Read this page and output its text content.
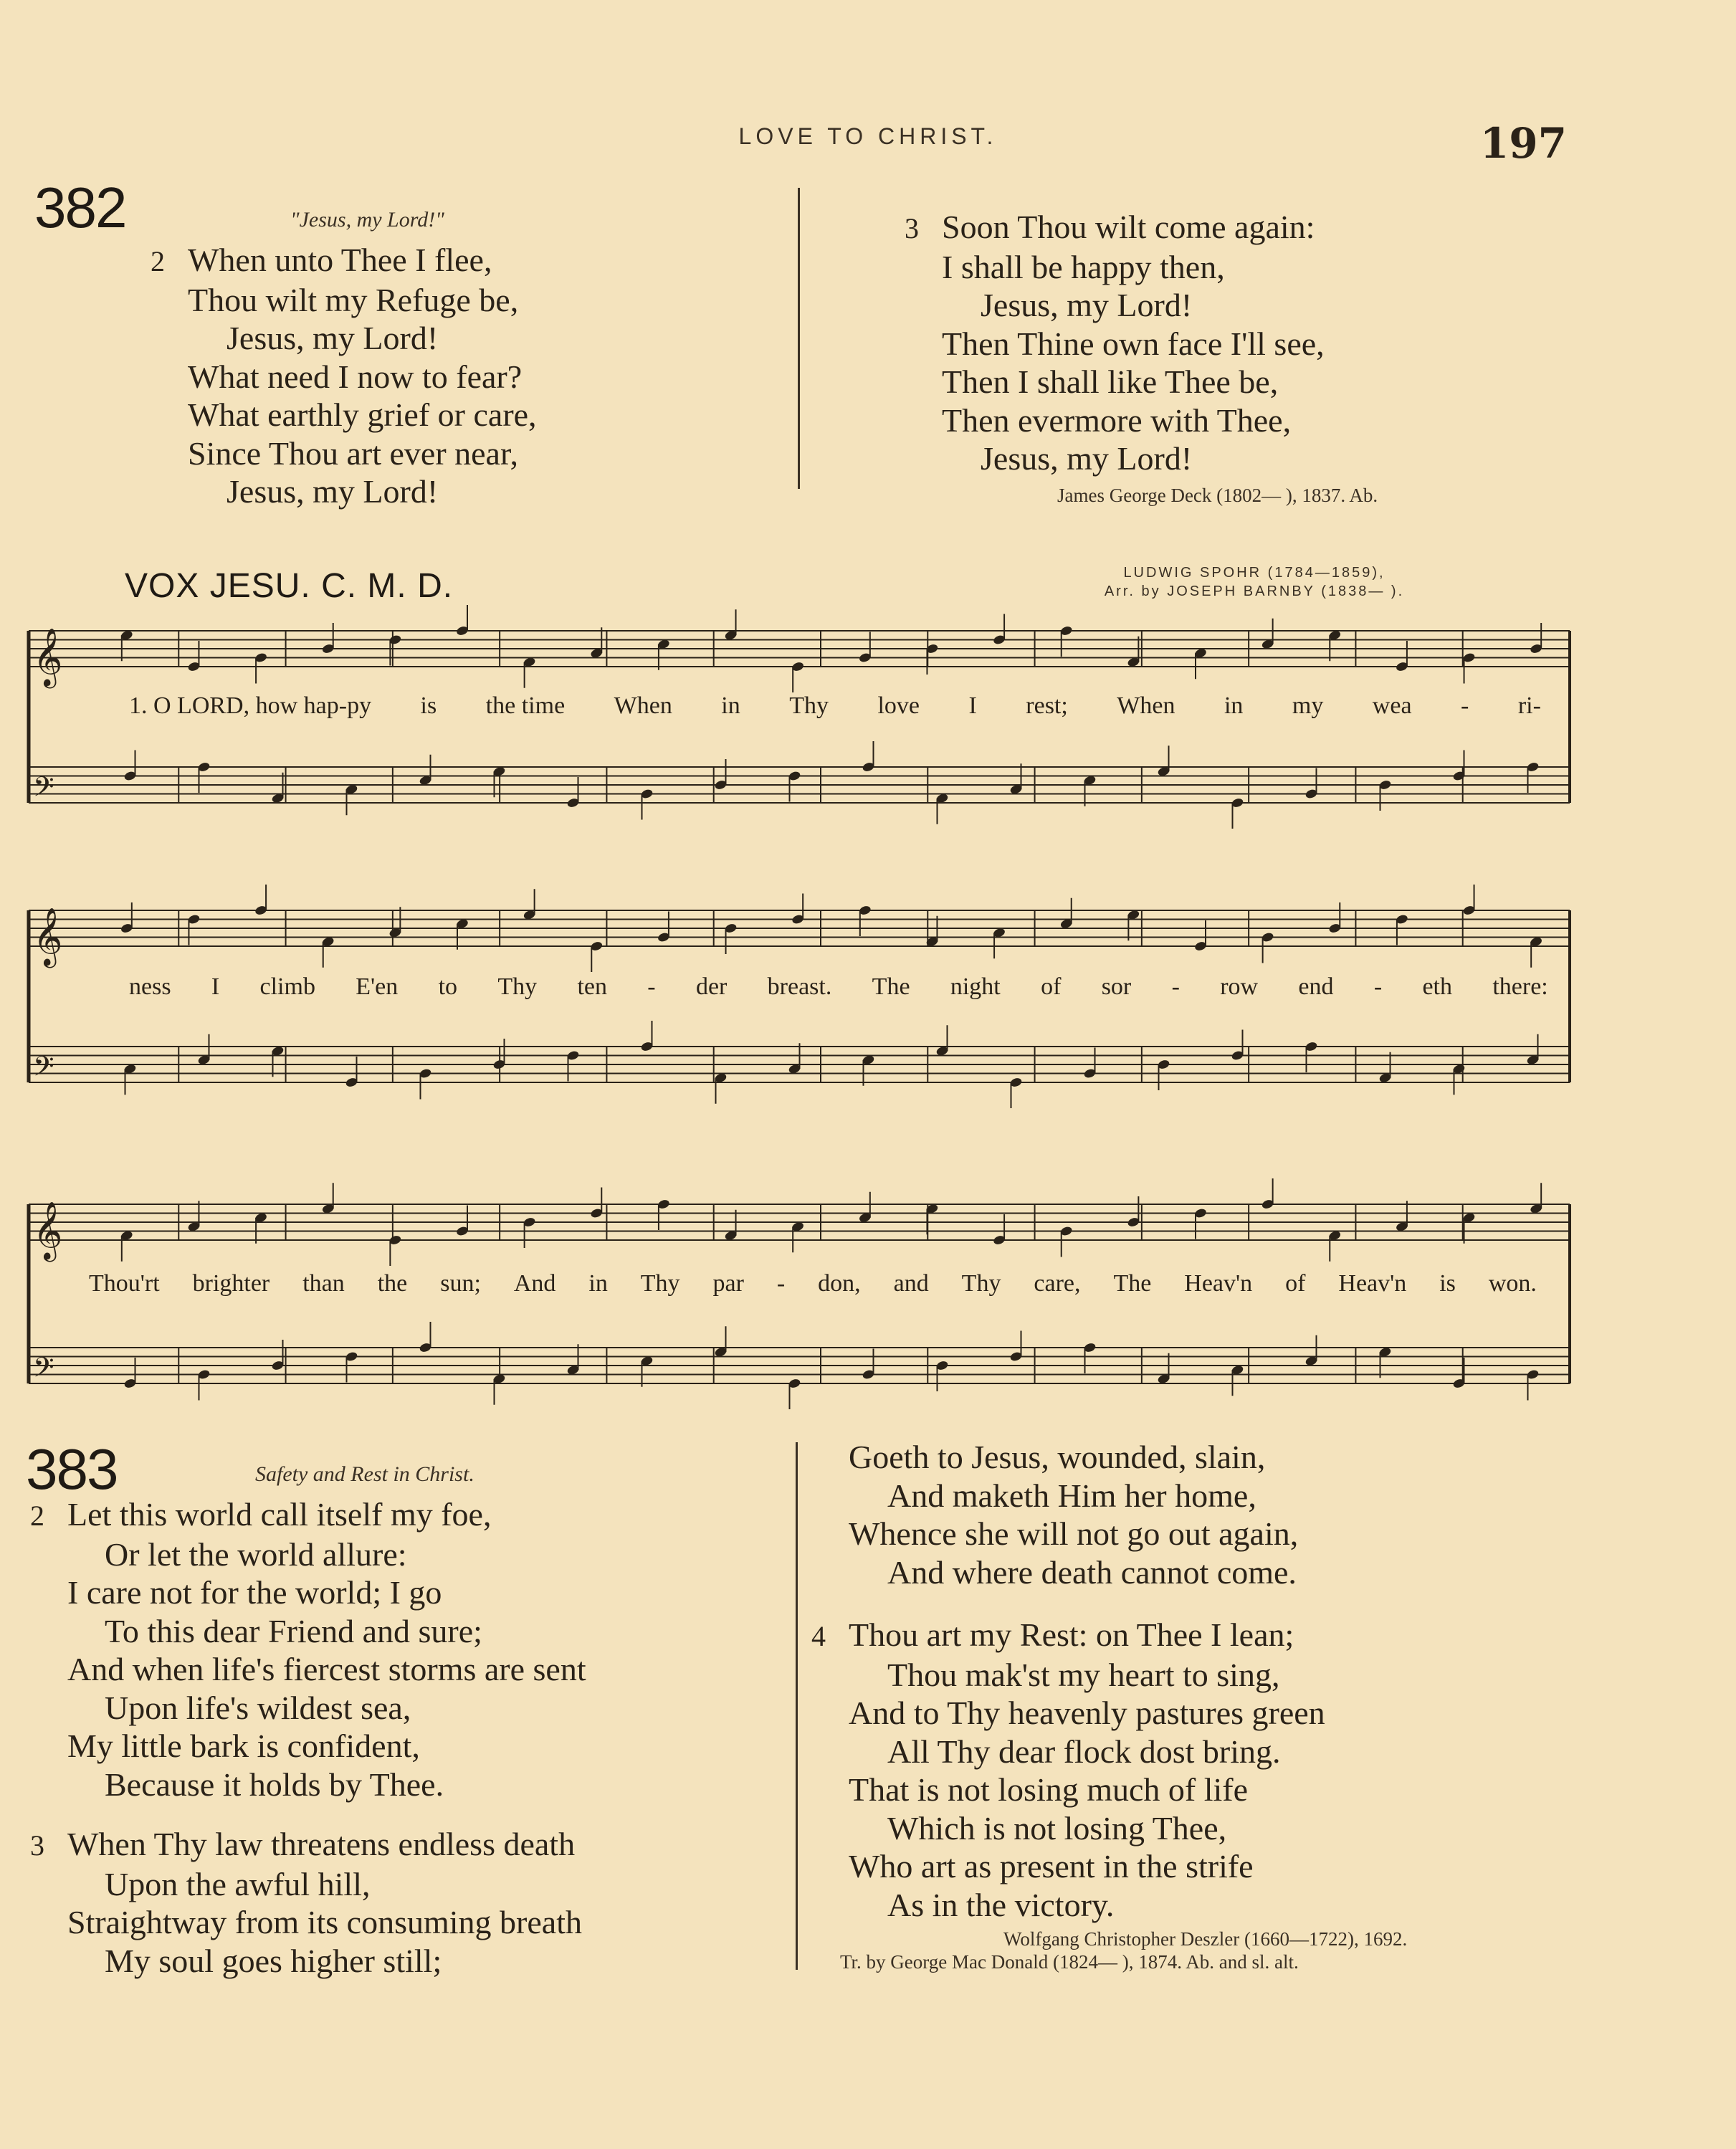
LOVE TO CHRIST.	197
382	"Jesus, my Lord!"
2 When unto Thee I flee,
Thou wilt my Refuge be,
Jesus, my Lord!
What need I now to fear?
What earthly grief or care,
Since Thou art ever near,
Jesus, my Lord!
3 Soon Thou wilt come again:
I shall be happy then,
Jesus, my Lord!
Then Thine own face I'll see,
Then I shall like Thee be,
Then evermore with Thee,
Jesus, my Lord!
James George Deck (1802— ), 1837. Ab.
VOX JESU. C. M. D.	LUDWIG SPOHR (1784—1859),
Arr. by JOSEPH BARNBY (1838— ).
𝄞
𝄢
𝄞
𝄢
𝄞
𝄢
1. O LORD, how hap-py is the time When in Thy love I rest; When in my wea - ri-
ness I climb E'en to Thy ten - der breast. The night of sor - row end - eth there:
Thou'rt brighter than the sun; And in Thy par - don, and Thy care, The Heav'n of Heav'n is won.
383	Safety and Rest in Christ.
2 Let this world call itself my foe,
Or let the world allure:
I care not for the world; I go
To this dear Friend and sure;
And when life's fiercest storms are sent
Upon life's wildest sea,
My little bark is confident,
Because it holds by Thee.
3 When Thy law threatens endless death
Upon the awful hill,
Straightway from its consuming breath
My soul goes higher still;
Goeth to Jesus, wounded, slain,
And maketh Him her home,
Whence she will not go out again,
And where death cannot come.
4 Thou art my Rest: on Thee I lean;
Thou mak'st my heart to sing,
And to Thy heavenly pastures green
All Thy dear flock dost bring.
That is not losing much of life
Which is not losing Thee,
Who art as present in the strife
As in the victory.
Wolfgang Christopher Deszler (1660—1722), 1692.
Tr. by George Mac Donald (1824— ), 1874. Ab. and sl. alt.
